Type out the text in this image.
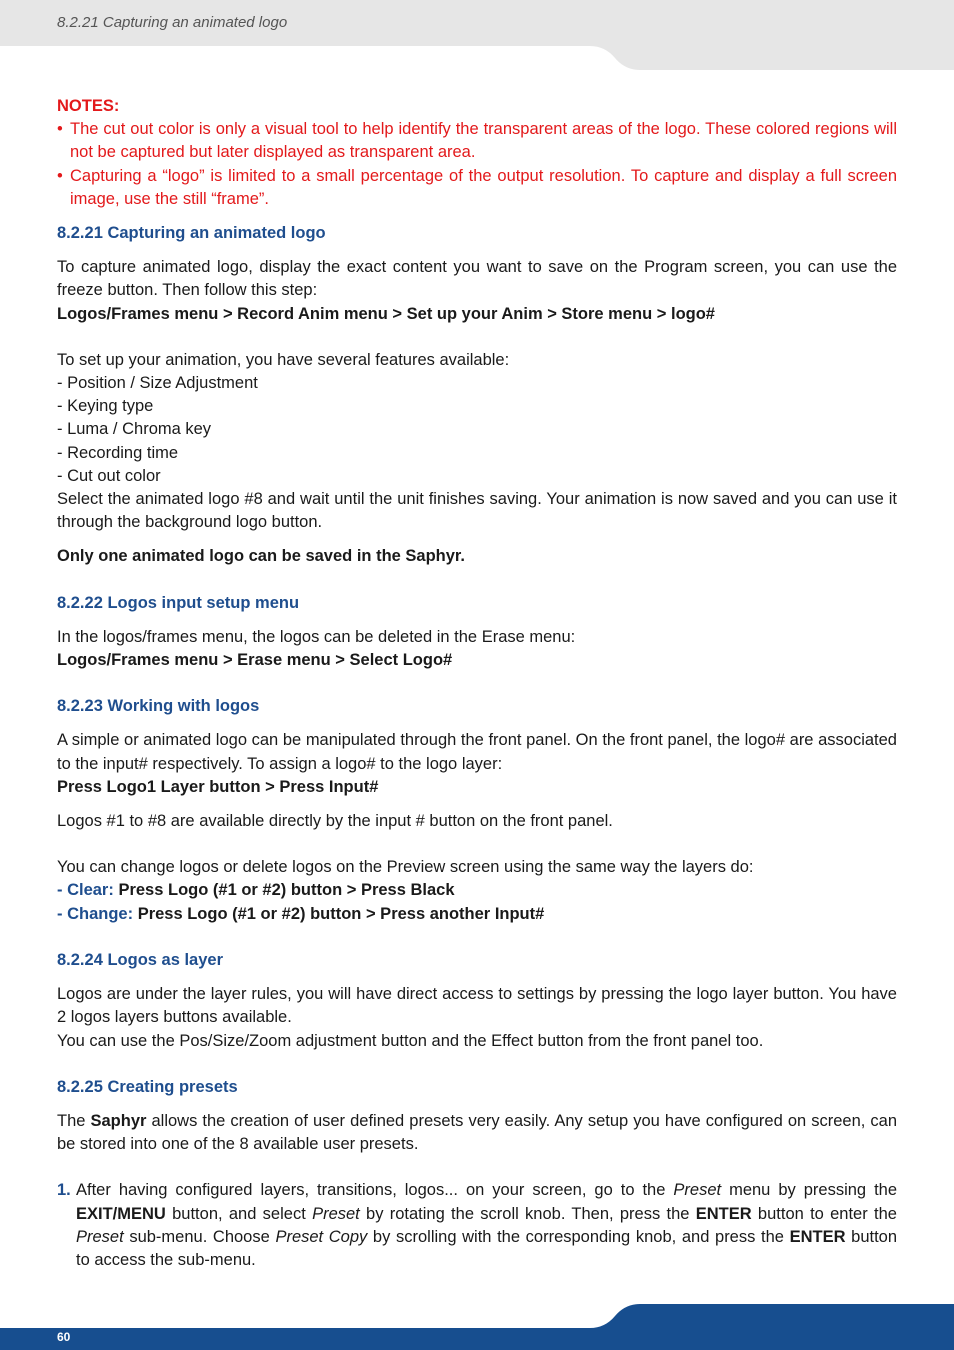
8.2.21 Capturing an animated logo
NOTES:
• The cut out color is only a visual tool to help identify the transparent areas of the logo. These colored regions will not be captured but later displayed as transparent area.
• Capturing a “logo” is limited to a small percentage of the output resolution. To capture and display a full screen image, use the still “frame”.
8.2.21 Capturing an animated logo

To capture animated logo, display the exact content you want to save on the Program screen, you can use the freeze button. Then follow this step:

Logos/Frames menu > Record Anim menu > Set up your Anim > Store menu > logo#

To set up your animation, you have several features available:

- Position / Size Adjustment
- Keying type
- Luma / Chroma key
- Recording time
- Cut out color

Select the animated logo #8 and wait until the unit finishes saving. Your animation is now saved and you can use it through the background logo button.

Only one animated logo can be saved in the Saphyr.

8.2.22 Logos input setup menu

In the logos/frames menu, the logos can be deleted in the Erase menu:

Logos/Frames menu > Erase menu > Select Logo#

8.2.23 Working with logos

A simple or animated logo can be manipulated through the front panel. On the front panel, the logo# are associated to the input# respectively. To assign a logo# to the logo layer:

Press Logo1 Layer button > Press Input#

Logos #1 to #8 are available directly by the input # button on the front panel.

You can change logos or delete logos on the Preview screen using the same way the layers do:

- Clear: Press Logo (#1 or #2) button > Press Black

- Change: Press Logo (#1 or #2) button > Press another Input#

8.2.24 Logos as layer

Logos are under the layer rules, you will have direct access to settings by pressing the logo layer button. You have 2 logos layers buttons available.

You can use the Pos/Size/Zoom adjustment button and the Effect button from the front panel too.

8.2.25 Creating presets

The Saphyr allows the creation of user defined presets very easily. Any setup you have configured on screen, can be stored into one of the 8 available user presets.

1. After having configured layers, transitions, logos... on your screen, go to the Preset menu by pressing the EXIT/MENU button, and select Preset by rotating the scroll knob. Then, press the ENTER button to enter the Preset sub-menu. Choose Preset Copy by scrolling with the corresponding knob, and press the ENTER button to access the sub-menu.
60
